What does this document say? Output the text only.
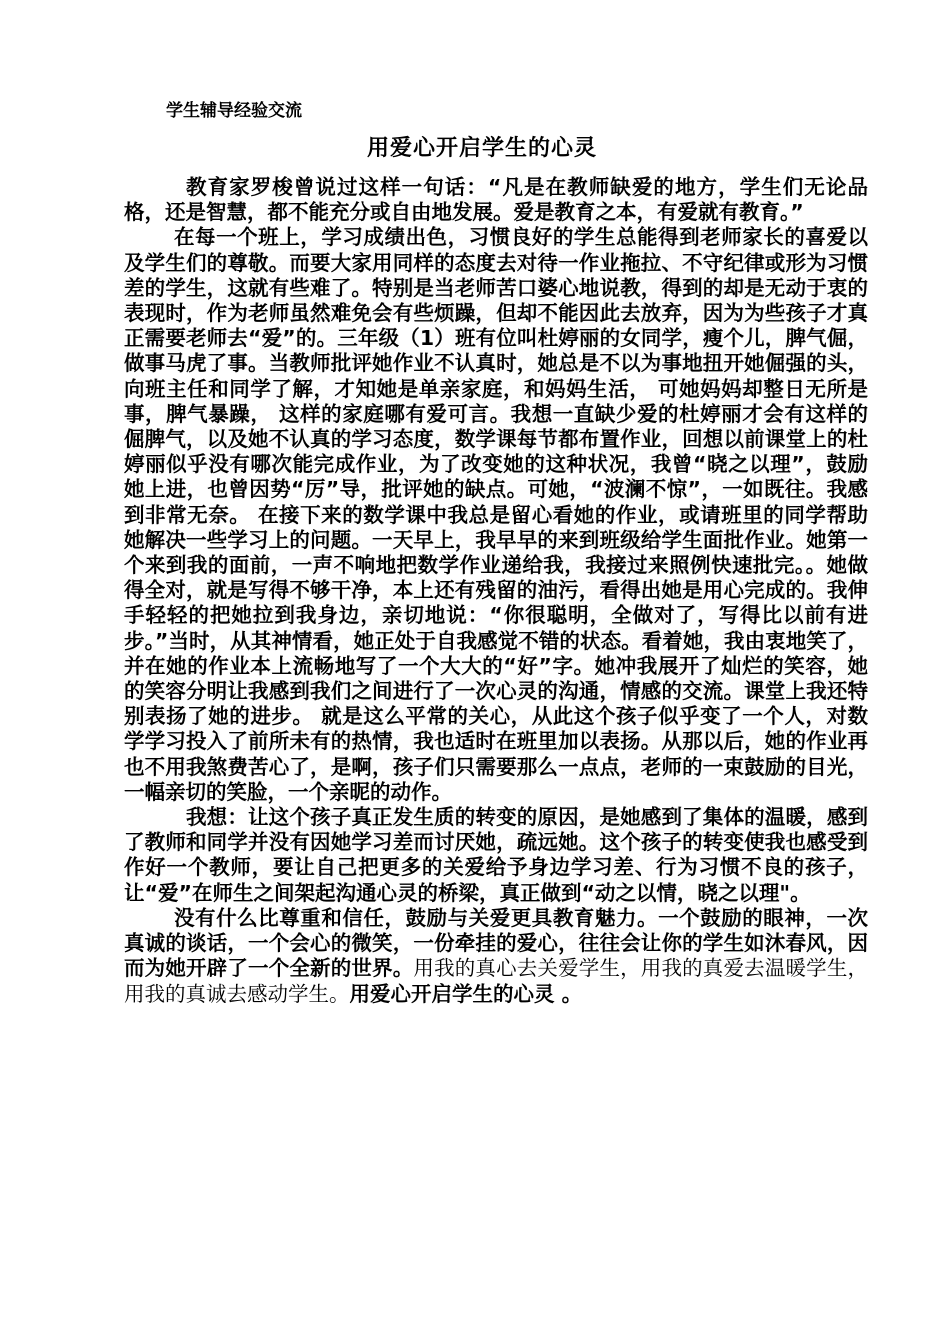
学生辅导经验交流
用爱心开启学生的心灵

教育家罗梭曾说过这样一句话：“凡是在教师缺爱的地方，学生们无论品格，还是智慧，都不能充分或自由地发展。爱是教育之本，有爱就有教育。”

在每一个班上，学习成绩出色，习惯良好的学生总能得到老师家长的喜爱以及学生们的尊敬。而要大家用同样的态度去对待一作业拖拉、不守纪律或形为习惯差的学生，这就有些难了。特别是当老师苦口婆心地说教，得到的却是无动于衷的表现时，作为老师虽然难免会有些烦躁，但却不能因此去放弃，因为为些孩子才真正需要老师去“爱”的。三年级（1）班有位叫杜婷丽的女同学，瘦个儿，脾气倔，做事马虎了事。当教师批评她作业不认真时，她总是不以为事地扭开她倔强的头，向班主任和同学了解，才知她是单亲家庭，和妈妈生活， 可她妈妈却整日无所是事，脾气暴躁， 这样的家庭哪有爱可言。我想一直缺少爱的杜婷丽才会有这样的倔脾气，以及她不认真的学习态度，数学课每节都布置作业，回想以前课堂上的杜婷丽似乎没有哪次能完成作业，为了改变她的这种状况，我曾“晓之以理”，鼓励她上进，也曾因势“厉”导，批评她的缺点。可她，“波澜不惊”，一如既往。我感到非常无奈。 在接下来的数学课中我总是留心看她的作业，或请班里的同学帮助她解决一些学习上的问题。一天早上，我早早的来到班级给学生面批作业。她第一个来到我的面前，一声不响地把数学作业递给我，我接过来照例快速批完。。她做得全对，就是写得不够干净，本上还有残留的油污，看得出她是用心完成的。我伸手轻轻的把她拉到我身边，亲切地说：“你很聪明，全做对了，写得比以前有进步。”当时，从其神情看，她正处于自我感觉不错的状态。看着她，我由衷地笑了，并在她的作业本上流畅地写了一个大大的“好”字。她冲我展开了灿烂的笑容，她的笑容分明让我感到我们之间进行了一次心灵的沟通，情感的交流。课堂上我还特别表扬了她的进步。 就是这么平常的关心，从此这个孩子似乎变了一个人，对数学学习投入了前所未有的热情，我也适时在班里加以表扬。从那以后，她的作业再也不用我煞费苦心了，是啊，孩子们只需要那么一点点，老师的一束鼓励的目光，一幅亲切的笑脸，一个亲昵的动作。

我想：让这个孩子真正发生质的转变的原因，是她感到了集体的温暖，感到了教师和同学并没有因她学习差而讨厌她，疏远她。这个孩子的转变使我也感受到作好一个教师，要让自己把更多的关爱给予身边学习差、行为习惯不良的孩子，让“爱”在师生之间架起沟通心灵的桥梁，真正做到“动之以情，晓之以理"。

没有什么比尊重和信任，鼓励与关爱更具教育魅力。一个鼓励的眼神，一次真诚的谈话，一个会心的微笑，一份牵挂的爱心，往往会让你的学生如沐春风，因而为她开辟了一个全新的世界。用我的真心去关爱学生，用我的真爱去温暖学生，用我的真诚去感动学生。用爱心开启学生的心灵 。
